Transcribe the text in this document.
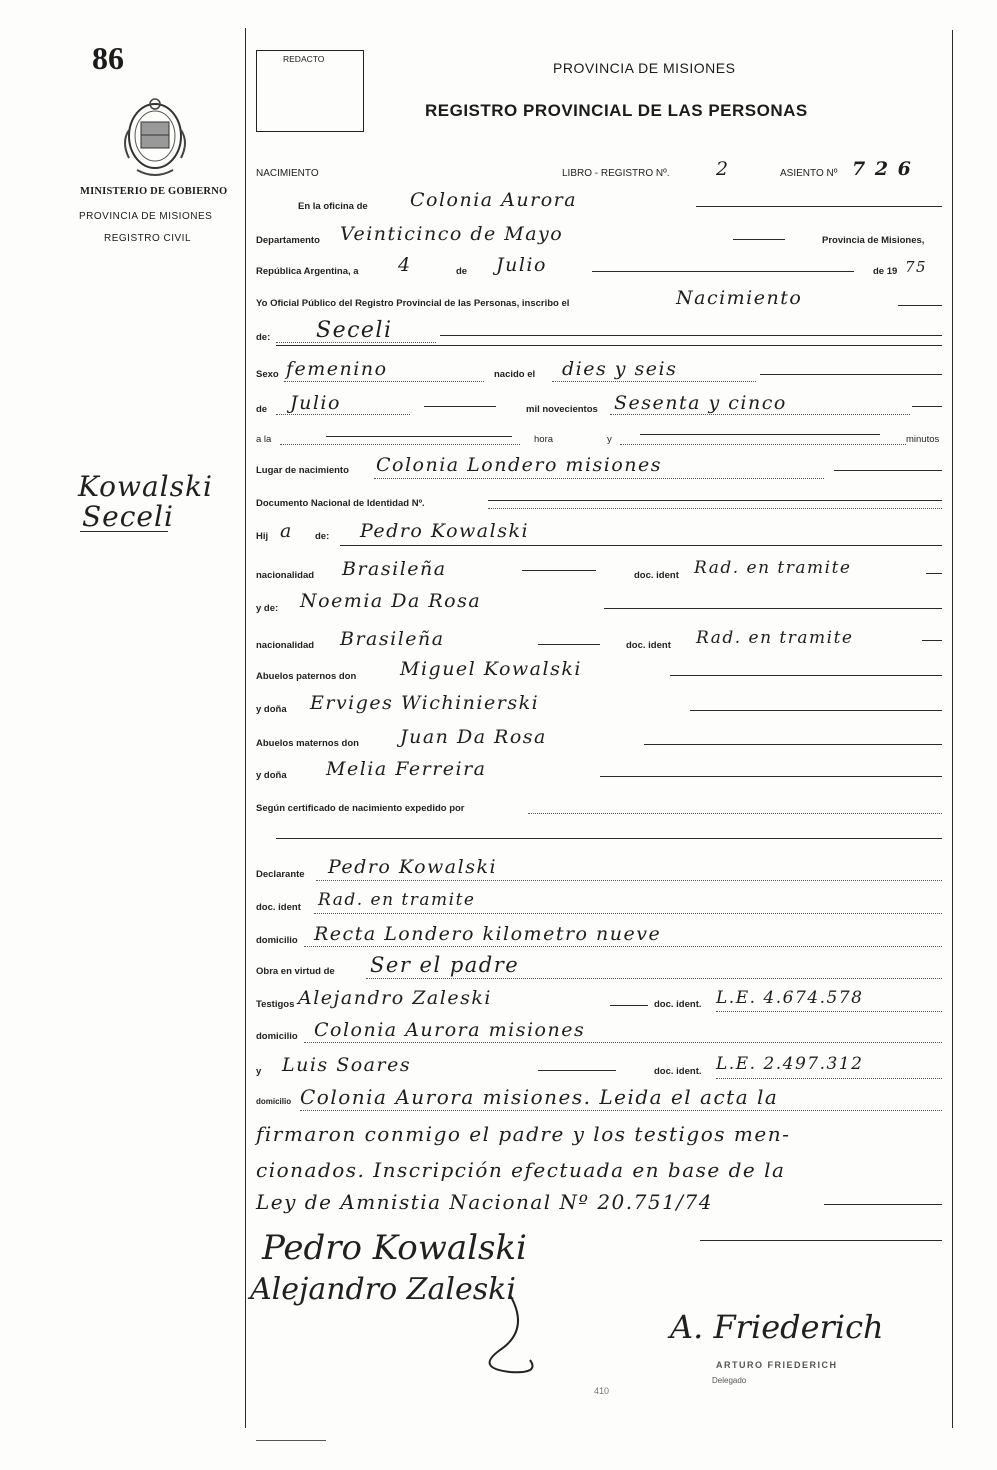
86
MINISTERIO DE GOBIERNO
PROVINCIA DE MISIONES
REGISTRO CIVIL
Kowalski
Seceli
REDACTO
PROVINCIA DE MISIONES
REGISTRO PROVINCIAL DE LAS PERSONAS
NACIMIENTO	LIBRO - REGISTRO Nº. 2	ASIENTO Nº 7 2 6
En la oficina de Colonia Aurora
Departamento Veinticinco de Mayo	Provincia de Misiones,
República Argentina, a 4	de Julio	de 19 75
Yo Oficial Público del Registro Provincial de las Personas, inscribo el	Nacimiento
de: Seceli
Sexo femenino	nacido el dies y seis
de Julio	mil novecientos Sesenta y cinco
a la	hora	y	minutos
Lugar de nacimiento Colonia Londero misiones
Documento Nacional de Identidad Nº.
Hij a de: Pedro Kowalski
nacionalidad Brasileña	doc. ident Rad. en tramite
y de: Noemia Da Rosa
nacionalidad Brasileña	doc. ident Rad. en tramite
Abuelos paternos don Miguel Kowalski
y doña Erviges Wichinierski
Abuelos maternos don Juan Da Rosa
y doña Melia Ferreira
Según certificado de nacimiento expedido por
Declarante Pedro Kowalski
doc. ident Rad. en tramite
domicilio Recta Londero kilometro nueve
Obra en virtud de Ser el padre
Testigos Alejandro Zaleski	doc. ident. L.E. 4.674.578
domicilio Colonia Aurora misiones
y Luis Soares	doc. ident. L.E. 2.497.312
domicilio Colonia Aurora misiones. Leida el acta la
firmaron conmigo el padre y los testigos men-
cionados. Inscripción efectuada en base de la
Ley de Amnistia Nacional Nº 20.751/74
Pedro Kowalski
Alejandro Zaleski
A. Friederich
ARTURO FRIEDERICH
Delegado
410
